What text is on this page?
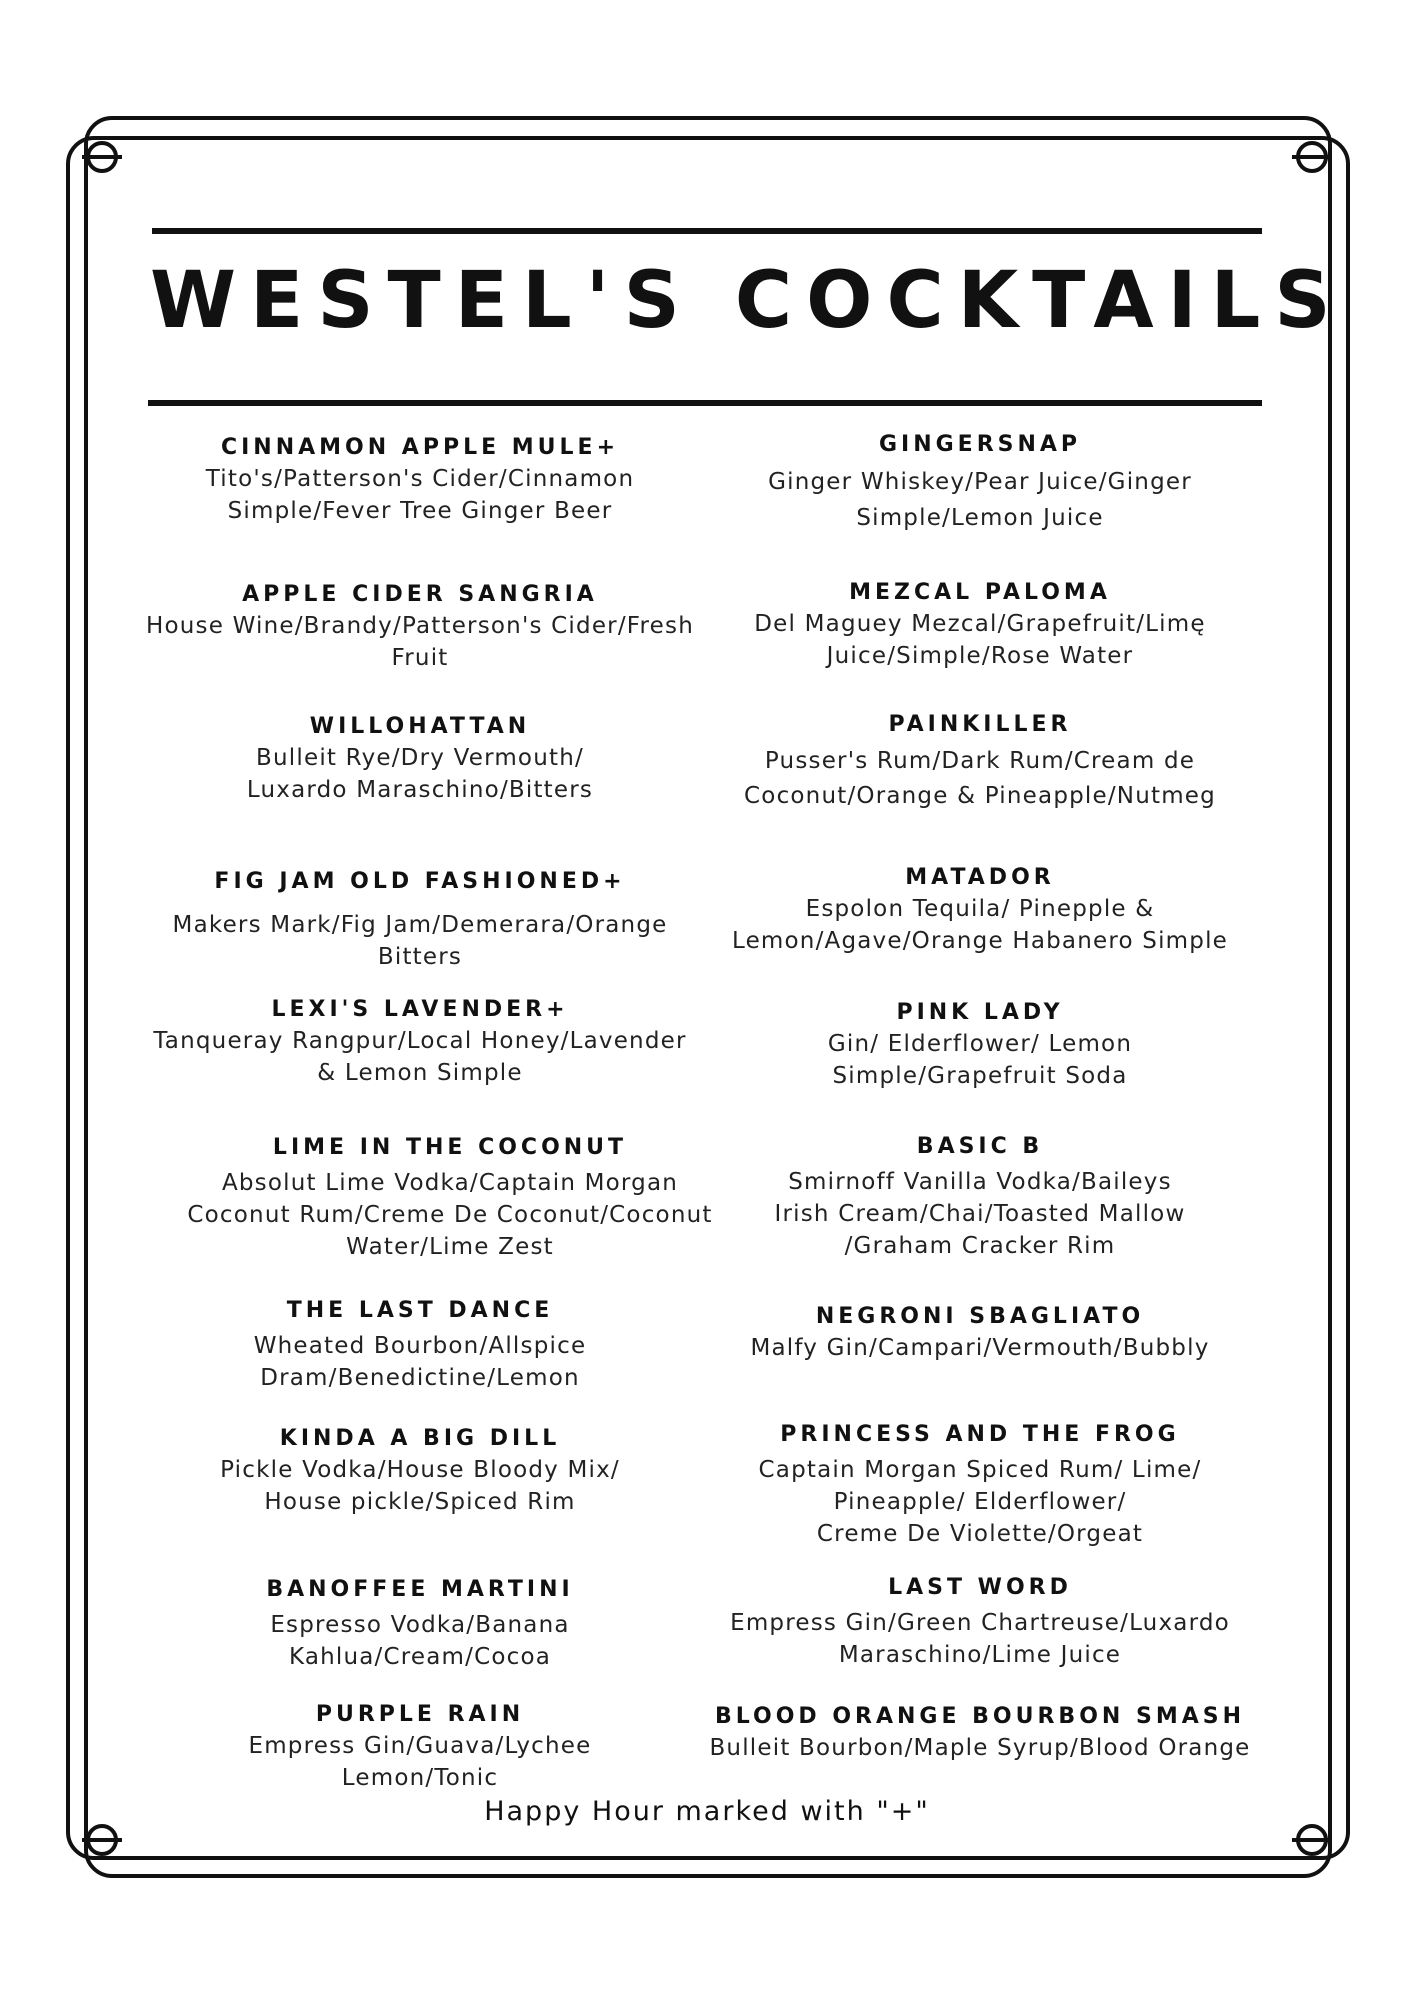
WESTEL'S COCKTAILS
CINNAMON APPLE MULE+
Tito's/Patterson's Cider/Cinnamon
Simple/Fever Tree Ginger Beer
APPLE CIDER SANGRIA
House Wine/Brandy/Patterson's Cider/Fresh
Fruit
WILLOHATTAN
Bulleit Rye/Dry Vermouth/
Luxardo Maraschino/Bitters
FIG JAM OLD FASHIONED+
Makers Mark/Fig Jam/Demerara/Orange
Bitters
LEXI'S LAVENDER+
Tanqueray Rangpur/Local Honey/Lavender
& Lemon Simple
LIME IN THE COCONUT
Absolut Lime Vodka/Captain Morgan
Coconut Rum/Creme De Coconut/Coconut
Water/Lime Zest
THE LAST DANCE
Wheated Bourbon/Allspice
Dram/Benedictine/Lemon
KINDA A BIG DILL
Pickle Vodka/House Bloody Mix/
House pickle/Spiced Rim
BANOFFEE MARTINI
Espresso Vodka/Banana
Kahlua/Cream/Cocoa
PURPLE RAIN
Empress Gin/Guava/Lychee
Lemon/Tonic
GINGERSNAP
Ginger Whiskey/Pear Juice/Ginger
Simple/Lemon Juice
MEZCAL PALOMA
Del Maguey Mezcal/Grapefruit/Limę
Juice/Simple/Rose Water
PAINKILLER
Pusser's Rum/Dark Rum/Cream de
Coconut/Orange & Pineapple/Nutmeg
MATADOR
Espolon Tequila/ Pinepple &
Lemon/Agave/Orange Habanero Simple
PINK LADY
Gin/ Elderflower/ Lemon
Simple/Grapefruit Soda
BASIC B
Smirnoff Vanilla Vodka/Baileys
Irish Cream/Chai/Toasted Mallow
/Graham Cracker Rim
NEGRONI SBAGLIATO
Malfy Gin/Campari/Vermouth/Bubbly
PRINCESS AND THE FROG
Captain Morgan Spiced Rum/ Lime/
Pineapple/ Elderflower/
Creme De Violette/Orgeat
LAST WORD
Empress Gin/Green Chartreuse/Luxardo
Maraschino/Lime Juice
BLOOD ORANGE BOURBON SMASH
Bulleit Bourbon/Maple Syrup/Blood Orange
Happy Hour marked with "+"
